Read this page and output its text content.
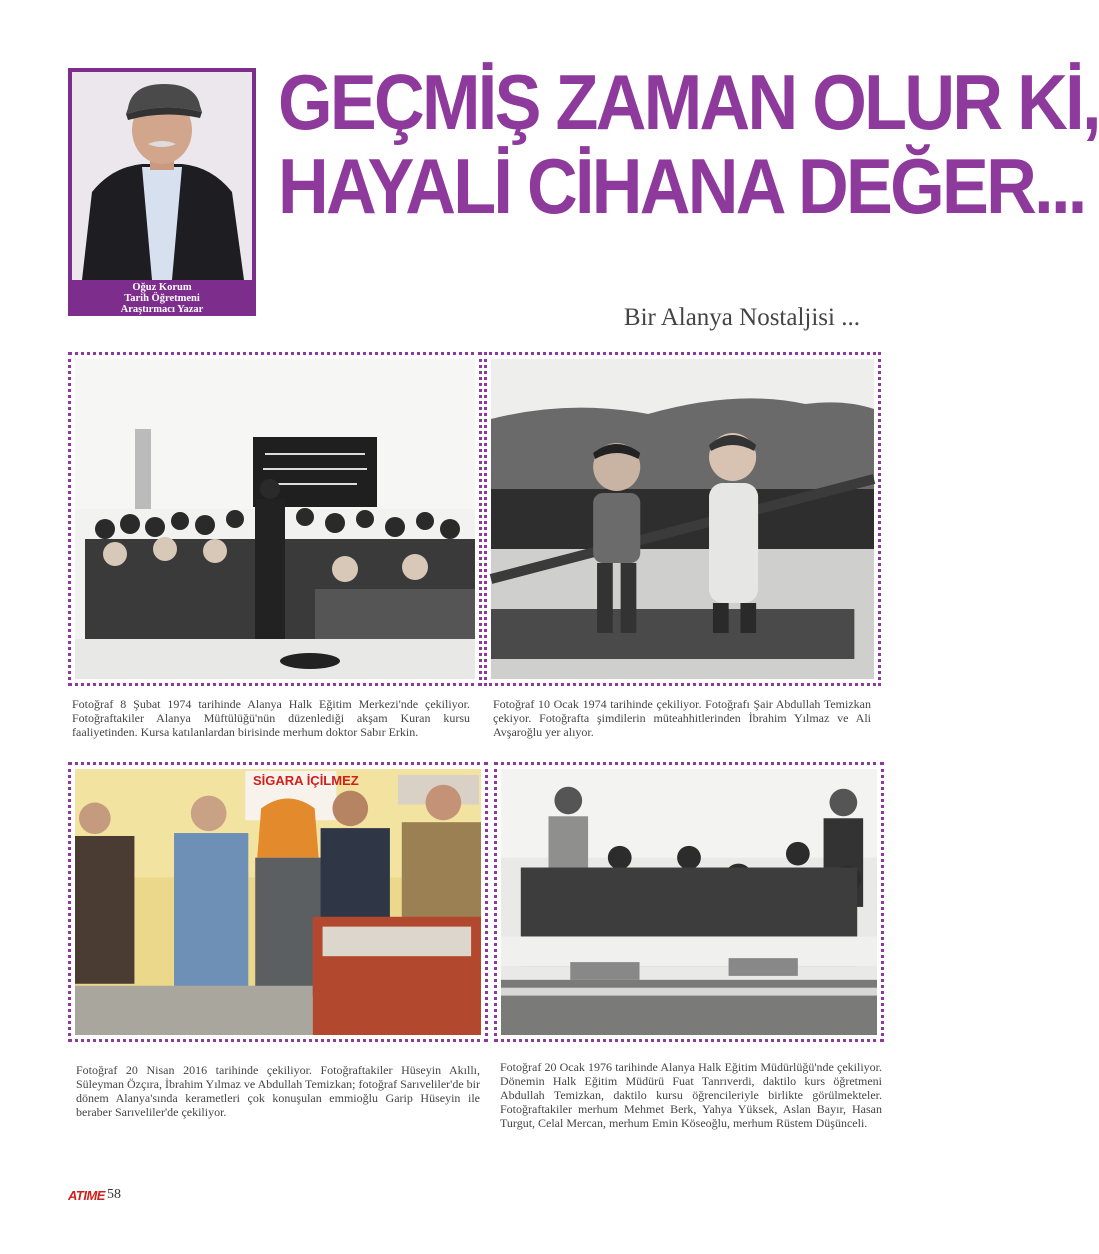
Oğuz Korum
Tarih Öğretmeni
Araştırmacı Yazar
GEÇMİŞ ZAMAN OLUR Kİ,
HAYALİ CİHANA DEĞER...
Bir Alanya Nostaljisi ...
Fotoğraf 8 Şubat 1974 tarihinde Alanya Halk Eğitim Merkezi'nde çekiliyor. Fotoğraftakiler Alanya Müftülüğü'nün düzenlediği akşam Kuran kursu faaliyetinden. Kursa katılanlardan birisinde merhum doktor Sabır Erkin.
Fotoğraf 10 Ocak 1974 tarihinde çekiliyor. Fotoğrafı Şair Abdullah Temizkan çekiyor. Fotoğrafta şimdilerin müteahhitlerinden İbrahim Yılmaz ve Ali Avşaroğlu yer alıyor.
SİGARA İÇİLMEZ
Fotoğraf 20 Nisan 2016 tarihinde çekiliyor. Fotoğraftakiler Hüseyin Akıllı, Süleyman Özçıra, İbrahim Yılmaz ve Abdullah Temizkan; fotoğraf Sarıveliler'de bir dönem Alanya'sında kerametleri çok konuşulan emmioğlu Garip Hüseyin ile beraber Sarıveliler'de çekiliyor.
Fotoğraf 20 Ocak 1976 tarihinde Alanya Halk Eğitim Müdürlüğü'nde çekiliyor. Dönemin Halk Eğitim Müdürü Fuat Tanrıverdi, daktilo kurs öğretmeni Abdullah Temizkan, daktilo kursu öğrencileriyle birlikte görülmekteler. Fotoğraftakiler merhum Mehmet Berk, Yahya Yüksek, Aslan Bayır, Hasan Turgut, Celal Mercan, merhum Emin Köseoğlu, merhum Rüstem Düşünceli.
ATIME 58
